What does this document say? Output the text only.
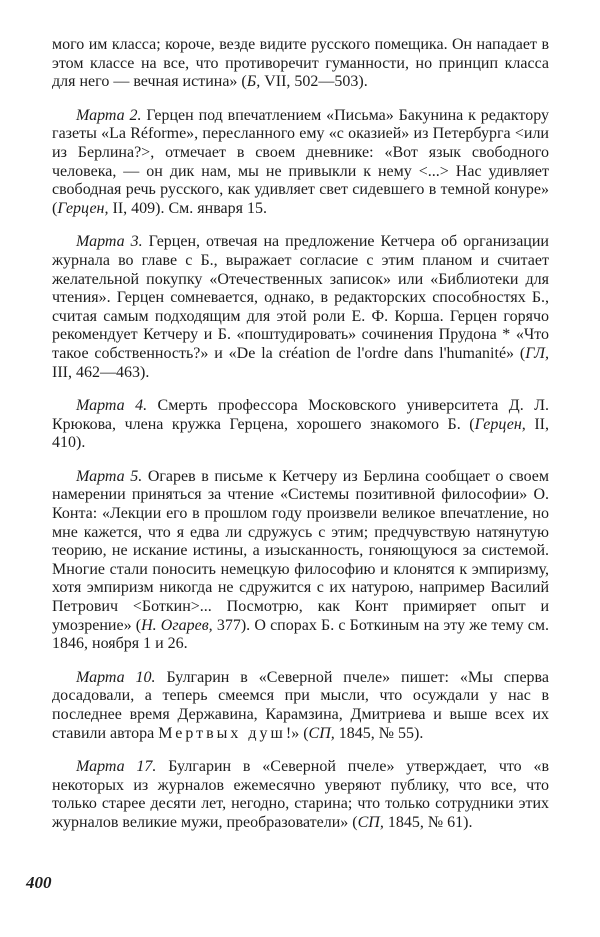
мого им класса; короче, везде видите русского помещика. Он нападает в этом классе на все, что противоречит гуманности, но принцип класса для него — вечная истина» (Б, VII, 502—503).

Марта 2. Герцен под впечатлением «Письма» Бакунина к редактору газеты «La Réforme», пересланного ему «с оказией» из Петербурга <или из Берлина?>, отмечает в своем дневнике: «Вот язык свободного человека, — он дик нам, мы не привыкли к нему <...> Нас удивляет свободная речь русского, как удивляет свет сидевшего в темной конуре» (Герцен, II, 409). См. января 15.

Марта 3. Герцен, отвечая на предложение Кетчера об организации журнала во главе с Б., выражает согласие с этим планом и считает желательной покупку «Отечественных записок» или «Библиотеки для чтения». Герцен сомневается, однако, в редакторских способностях Б., считая самым подходящим для этой роли Е. Ф. Корша. Герцен горячо рекомендует Кетчеру и Б. «поштудировать» сочинения Прудона * «Что такое собственность?» и «De la création de l'ordre dans l'humanité» (ГЛ, III, 462—463).

Марта 4. Смерть профессора Московского университета Д. Л. Крюкова, члена кружка Герцена, хорошего знакомого Б. (Герцен, II, 410).

Марта 5. Огарев в письме к Кетчеру из Берлина сообщает о своем намерении приняться за чтение «Системы позитивной философии» О. Конта: «Лекции его в прошлом году произвели великое впечатление, но мне кажется, что я едва ли сдружусь с этим; предчувствую натянутую теорию, не искание истины, а изысканность, гоняющуюся за системой. Многие стали поносить немецкую философию и клонятся к эмпиризму, хотя эмпиризм никогда не сдружится с их натурою, например Василий Петрович <Боткин>... Посмотрю, как Конт примиряет опыт и умозрение» (Н. Огарев, 377). О спорах Б. с Боткиным на эту же тему см. 1846, ноября 1 и 26.

Марта 10. Булгарин в «Северной пчеле» пишет: «Мы сперва досадовали, а теперь смеемся при мысли, что осуждали у нас в последнее время Державина, Карамзина, Дмитриева и выше всех их ставили автора Мертвых душ!» (СП, 1845, № 55).

Марта 17. Булгарин в «Северной пчеле» утверждает, что «в некоторых из журналов ежемесячно уверяют публику, что все, что только старее десяти лет, негодно, старина; что только сотрудники этих журналов великие мужи, преобразователи» (СП, 1845, № 61).

400
